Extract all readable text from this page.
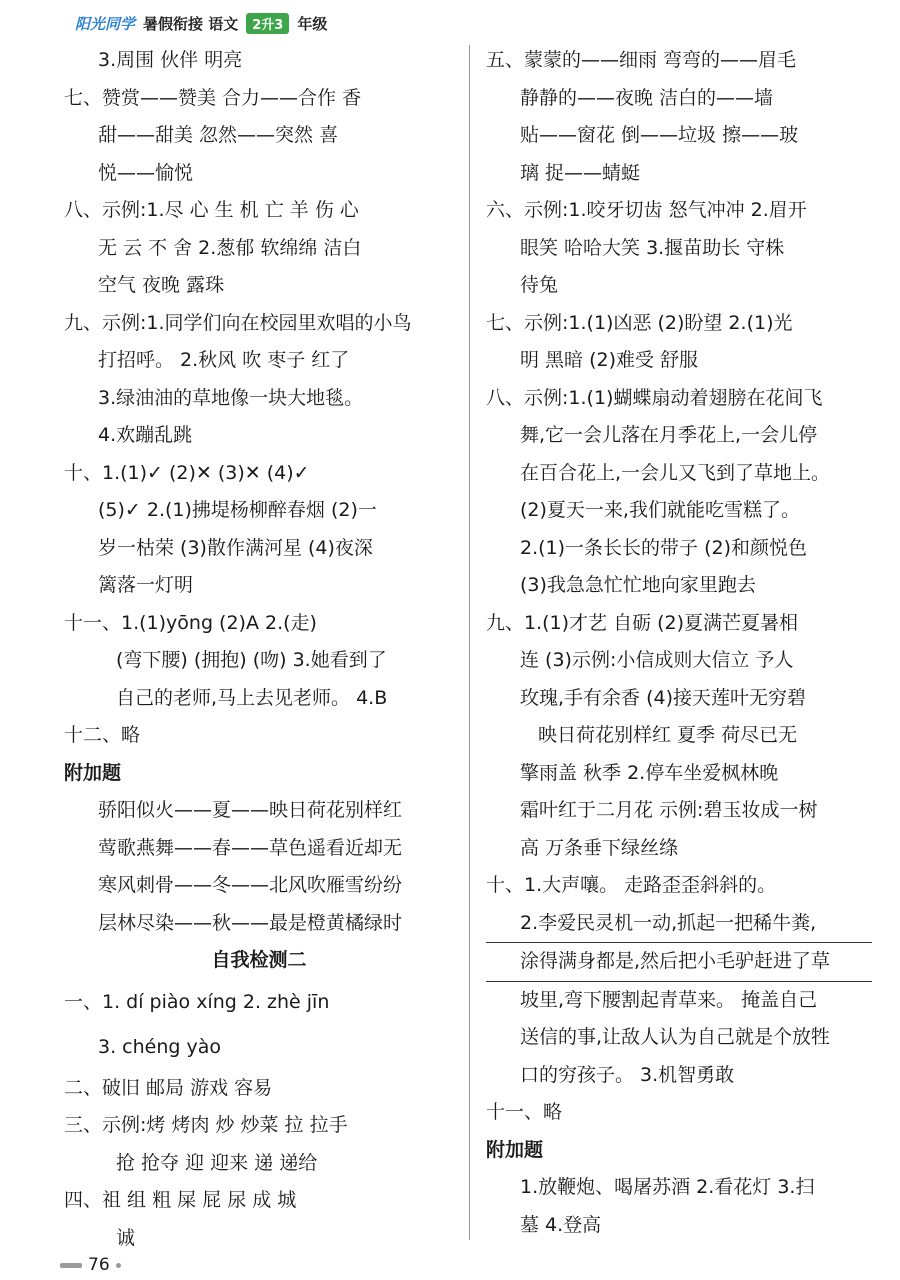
阳光同学 暑假衔接 语文	2升3 年级
3.周围 伙伴 明亮
七、赞赏——赞美 合力——合作 香
甜——甜美 忽然——突然 喜
悦——愉悦
八、示例:1.尽 心 生 机 亡 羊 伤 心
无 云 不 舍 2.葱郁 软绵绵 洁白
空气 夜晚 露珠
九、示例:1.同学们向在校园里欢唱的小鸟
打招呼。 2.秋风 吹 枣子 红了
3.绿油油的草地像一块大地毯。
4.欢蹦乱跳
十、1.(1)✓ (2)✕ (3)✕ (4)✓
(5)✓ 2.(1)拂堤杨柳醉春烟 (2)一
岁一枯荣 (3)散作满河星 (4)夜深
篱落一灯明
十一、1.(1)yōng (2)A 2.(走)
(弯下腰) (拥抱) (吻) 3.她看到了
自己的老师,马上去见老师。 4.B
十二、略
附加题
骄阳似火——夏——映日荷花别样红
莺歌燕舞——春——草色遥看近却无
寒风刺骨——冬——北风吹雁雪纷纷
层林尽染——秋——最是橙黄橘绿时
自我检测二
一、1. dí piào xíng 2. zhè jīn
3. chéng yào
二、破旧 邮局 游戏 容易
三、示例:烤 烤肉 炒 炒菜 拉 拉手
抢 抢夺 迎 迎来 递 递给
四、祖 组 粗 屎 屁 尿 成 城
诚
五、蒙蒙的——细雨 弯弯的——眉毛
静静的——夜晚 洁白的——墙
贴——窗花 倒——垃圾 擦——玻
璃 捉——蜻蜓
六、示例:1.咬牙切齿 怒气冲冲 2.眉开
眼笑 哈哈大笑 3.揠苗助长 守株
待兔
七、示例:1.(1)凶恶 (2)盼望 2.(1)光
明 黑暗 (2)难受 舒服
八、示例:1.(1)蝴蝶扇动着翅膀在花间飞
舞,它一会儿落在月季花上,一会儿停
在百合花上,一会儿又飞到了草地上。
(2)夏天一来,我们就能吃雪糕了。
2.(1)一条长长的带子 (2)和颜悦色
(3)我急急忙忙地向家里跑去
九、1.(1)才艺 自砺 (2)夏满芒夏暑相
连 (3)示例:小信成则大信立 予人
玫瑰,手有余香 (4)接天莲叶无穷碧
映日荷花别样红 夏季 荷尽已无
擎雨盖 秋季 2.停车坐爱枫林晚
霜叶红于二月花 示例:碧玉妆成一树
高 万条垂下绿丝绦
十、1.大声嚷。 走路歪歪斜斜的。
2.李爱民灵机一动,抓起一把稀牛粪,
涂得满身都是,然后把小毛驴赶进了草
坡里,弯下腰割起青草来。 掩盖自己
送信的事,让敌人认为自己就是个放牲
口的穷孩子。 3.机智勇敢
十一、略
附加题
1.放鞭炮、喝屠苏酒 2.看花灯 3.扫
墓 4.登高
76
